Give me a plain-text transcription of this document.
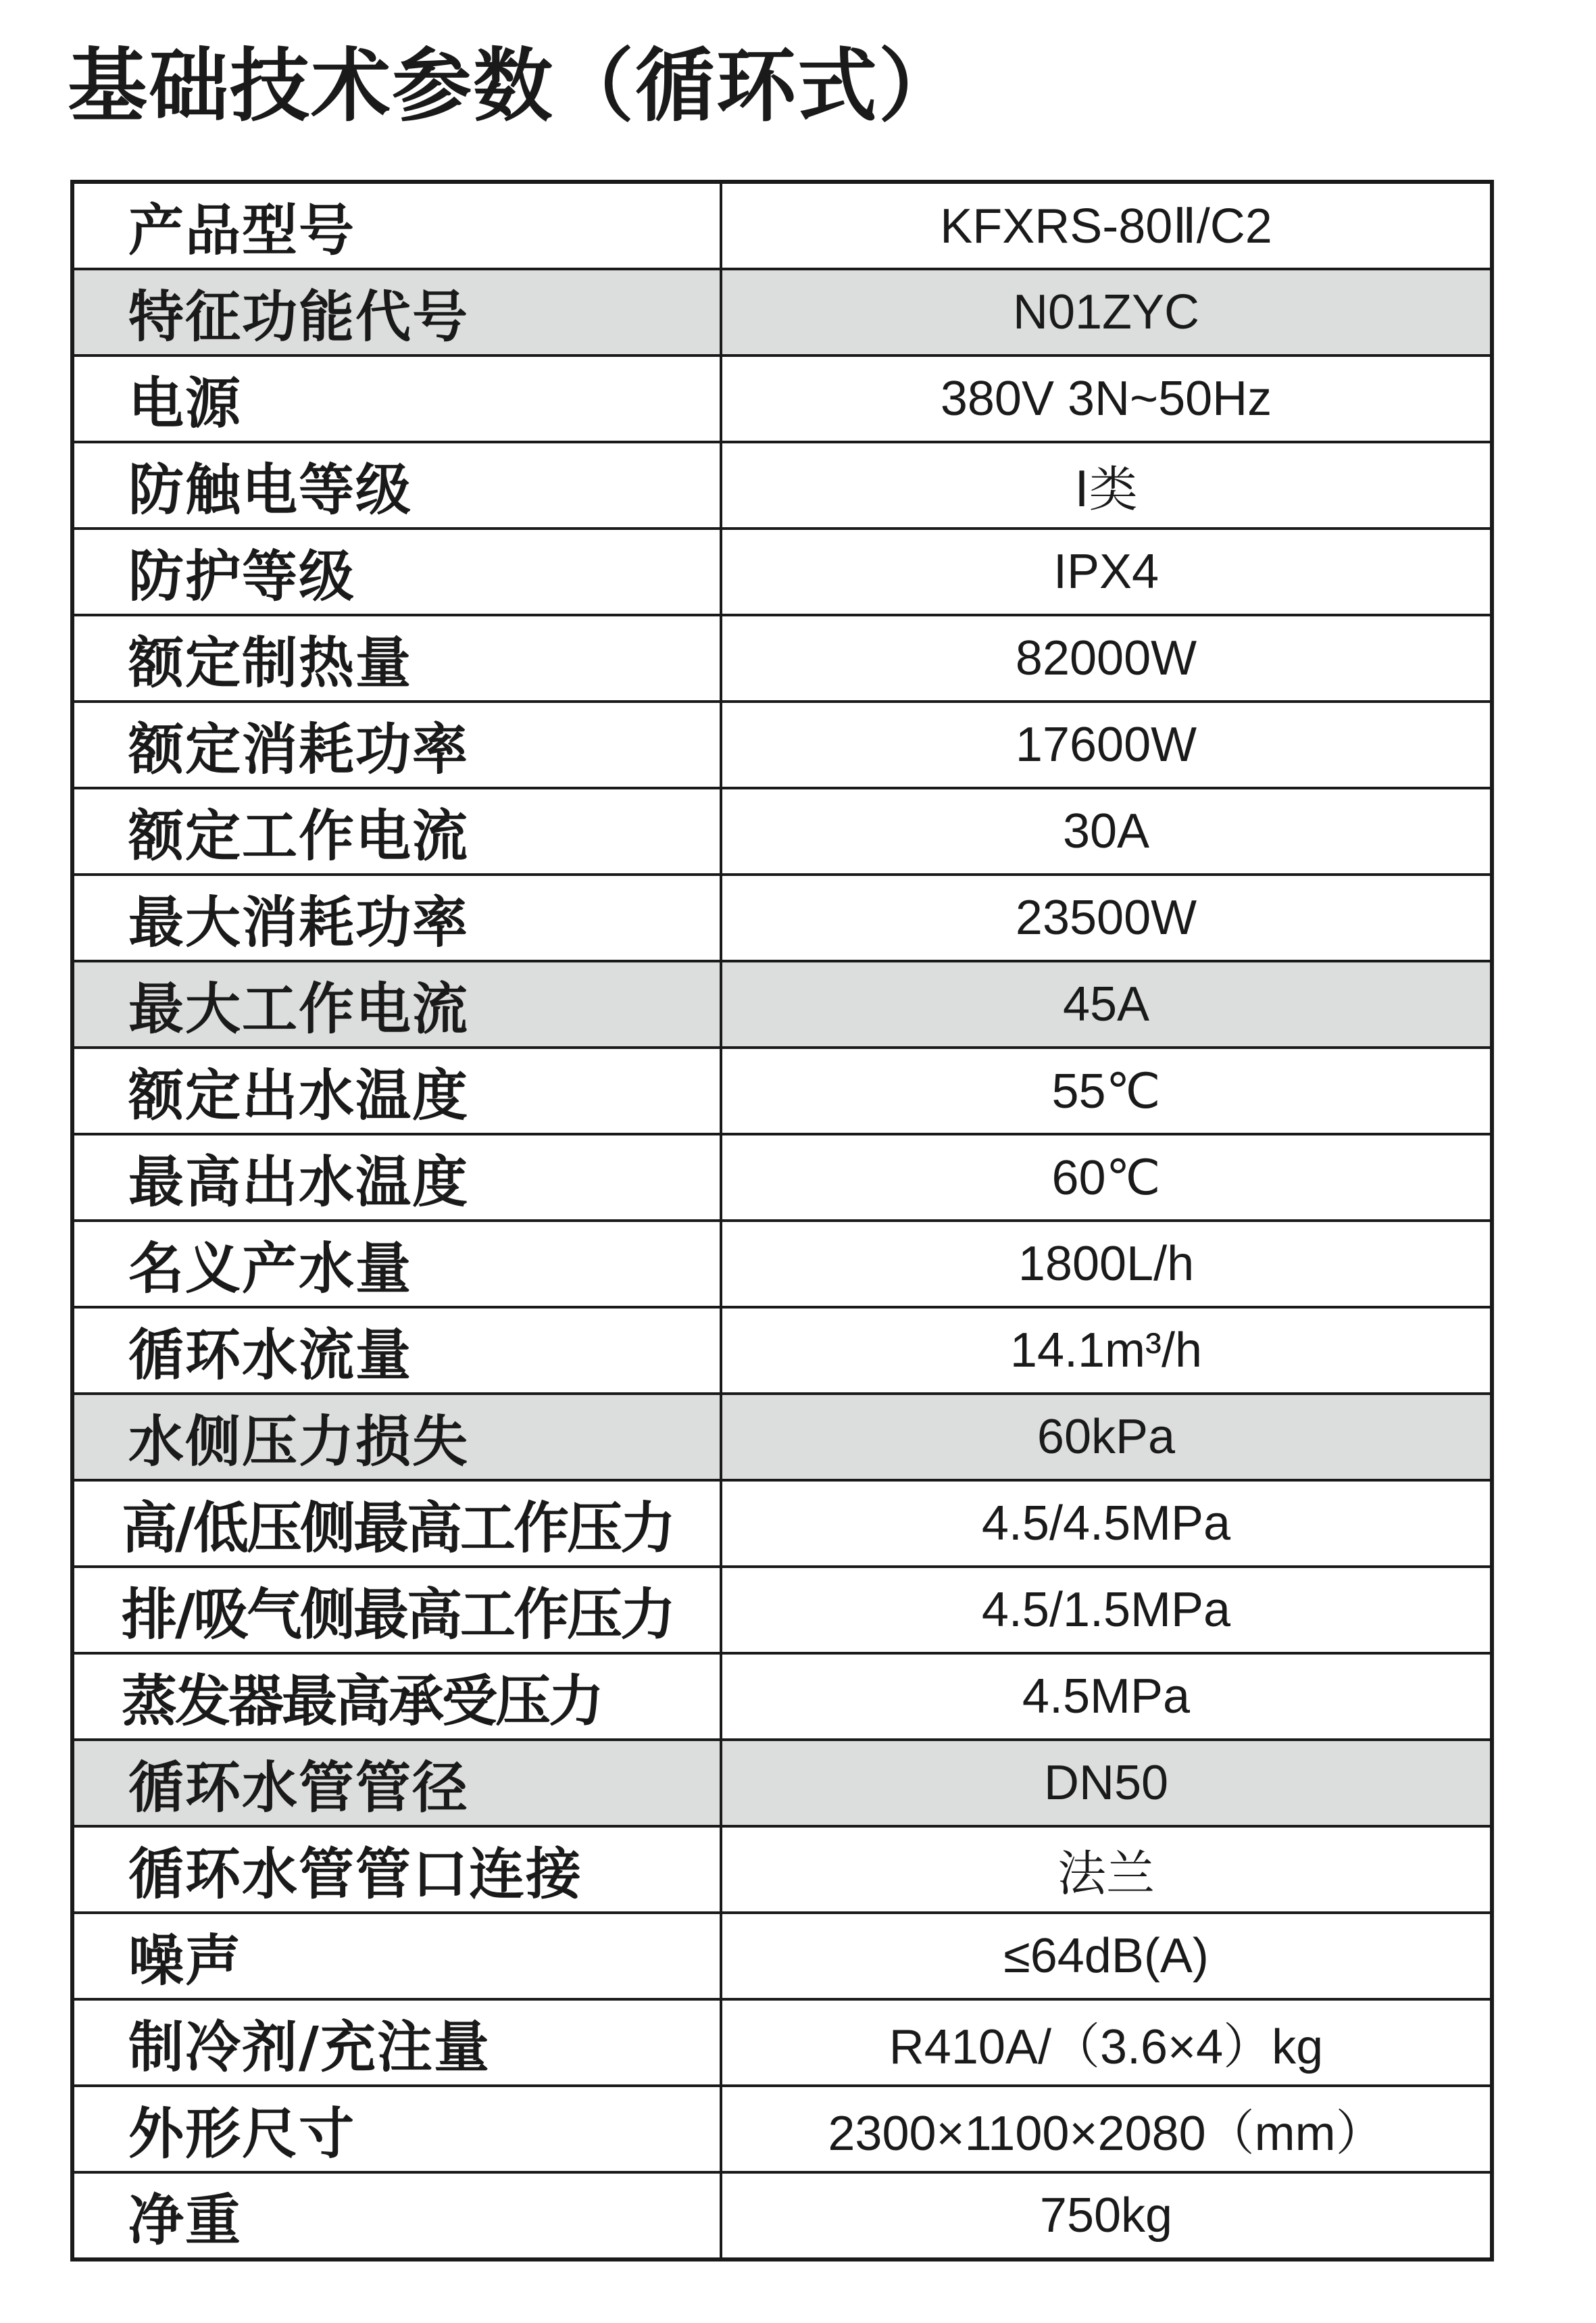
基础技术参数（循环式）
产品型号	KFXRS-80Ⅱ/C2
特征功能代号	N01ZYC
电源	380V 3N~50Hz
防触电等级	Ⅰ类
防护等级	IPX4
额定制热量	82000W
额定消耗功率	17600W
额定工作电流	30A
最大消耗功率	23500W
最大工作电流	45A
额定出水温度	55℃
最高出水温度	60℃
名义产水量	1800L/h
循环水流量	14.1m³/h
水侧压力损失	60kPa
高/低压侧最高工作压力	4.5/4.5MPa
排/吸气侧最高工作压力	4.5/1.5MPa
蒸发器最高承受压力	4.5MPa
循环水管管径	DN50
循环水管管口连接	法兰
噪声	≤64dB(A)
制冷剂/充注量	R410A/（3.6×4）kg
外形尺寸	2300×1100×2080（mm）
净重	750kg
